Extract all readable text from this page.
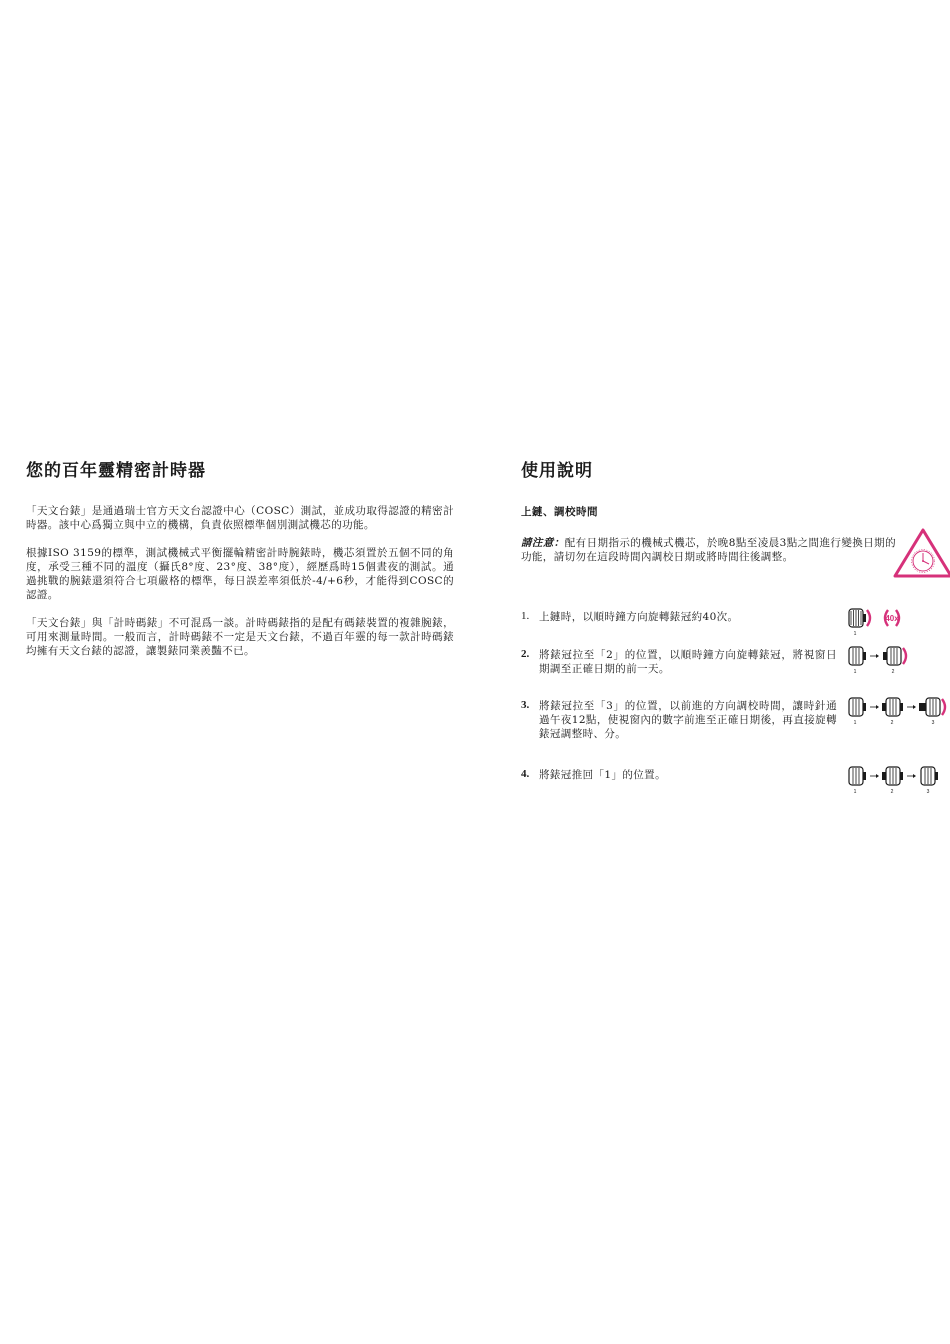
您的百年靈精密計時器

「天文台錶」是通過瑞士官方天文台認證中心（COSC）測試，並成功取得認證的精密計時器。該中心爲獨立與中立的機構，負責依照標準個別測試機芯的功能。

根據ISO 3159的標準，測試機械式平衡擺輪精密計時腕錶時，機芯須置於五個不同的角度，承受三種不同的溫度（攝氏8°度、23°度、38°度），經歷爲時15個晝夜的測試。通過挑戰的腕錶還須符合七項嚴格的標準，每日誤差率須低於-4/+6秒，才能得到COSC的認證。

「天文台錶」與「計時碼錶」不可混爲一談。計時碼錶指的是配有碼錶裝置的複雜腕錶，可用來測量時間。一般而言，計時碼錶不一定是天文台錶，不過百年靈的每一款計時碼錶均擁有天文台錶的認證，讓製錶同業羨豔不已。

使用說明
上鏈、調校時間
請注意：配有日期指示的機械式機芯，於晚8點至凌晨3點之間進行變換日期的功能，請切勿在這段時間內調校日期或將時間往後調整。
1. 上鏈時，以順時鐘方向旋轉錶冠約40次。
1
40x
2. 將錶冠拉至「2」的位置，以順時鐘方向旋轉錶冠，將視窗日期調至正確日期的前一天。	1	2
3. 將錶冠拉至「3」的位置，以前進的方向調校時間，讓時針通過午夜12點，使視窗內的數字前進至正確日期後，再直接旋轉錶冠調整時、分。
1	2	3
4. 將錶冠推回「1」的位置。
1	2	3
